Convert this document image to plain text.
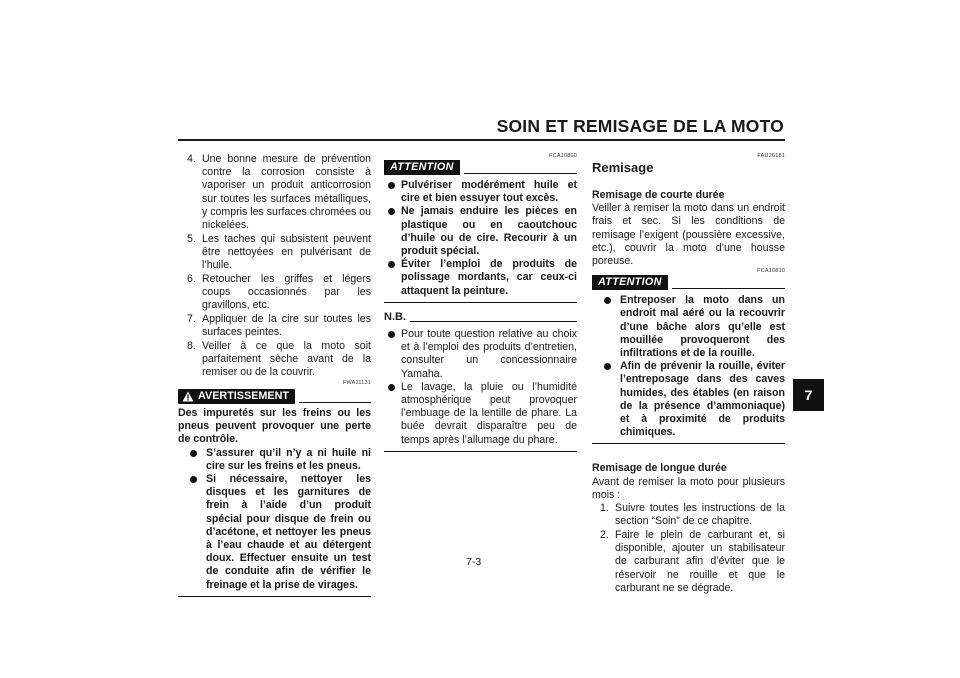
SOIN ET REMISAGE DE LA MOTO
7
7-3
4. Une bonne mesure de prévention contre la corrosion consiste à vaporiser un produit anticorrosion sur toutes les surfaces métalliques, y compris les surfaces chromées ou nickelées.
5. Les taches qui subsistent peuvent être nettoyées en pulvérisant de l’huile.
6. Retoucher les griffes et légers coups occasionnés par les gravillons, etc.
7. Appliquer de la cire sur toutes les surfaces peintes.
8. Veiller à ce que la moto soit parfaitement sèche avant de la remiser ou de la couvrir.
FWA11131
AVERTISSEMENT

Des impuretés sur les freins ou les pneus peuvent provoquer une perte de contrôle.

S’assurer qu’il n’y a ni huile ni cire sur les freins et les pneus.
Si nécessaire, nettoyer les disques et les garnitures de frein à l’aide d’un produit spécial pour disque de frein ou d’acétone, et nettoyer les pneus à l’eau chaude et au détergent doux. Effectuer ensuite un test de conduite afin de vérifier le freinage et la prise de virages.
FCA10800
ATTENTION
Pulvériser modérément huile et cire et bien essuyer tout excès.
Ne jamais enduire les pièces en plastique ou en caoutchouc d’huile ou de cire. Recourir à un produit spécial.
Éviter l’emploi de produits de polissage mordants, car ceux-ci attaquent la peinture.
N.B.
Pour toute question relative au choix et à l’emploi des produits d’entretien, consulter un concessionnaire Yamaha.
Le lavage, la pluie ou l’humidité atmosphérique peut provoquer l’embuage de la lentille de phare. La buée devrait disparaître peu de temps après l’allumage du phare.
FAU26181
Remisage
Remisage de courte durée

Veiller à remiser la moto dans un endroit frais et sec. Si les conditions de remisage l’exigent (poussière excessive, etc.), couvrir la moto d’une housse poreuse.

FCA10810
ATTENTION
Entreposer la moto dans un endroit mal aéré ou la recouvrir d’une bâche alors qu’elle est mouillée provoqueront des infiltrations et de la rouille.
Afin de prévenir la rouille, éviter l’entreposage dans des caves humides, des étables (en raison de la présence d’ammoniaque) et à proximité de produits chimiques.
Remisage de longue durée

Avant de remiser la moto pour plusieurs mois :

1. Suivre toutes les instructions de la section “Soin” de ce chapitre.
2. Faire le plein de carburant et, si disponible, ajouter un stabilisateur de carburant afin d’éviter que le réservoir ne rouille et que le carburant ne se dégrade.
